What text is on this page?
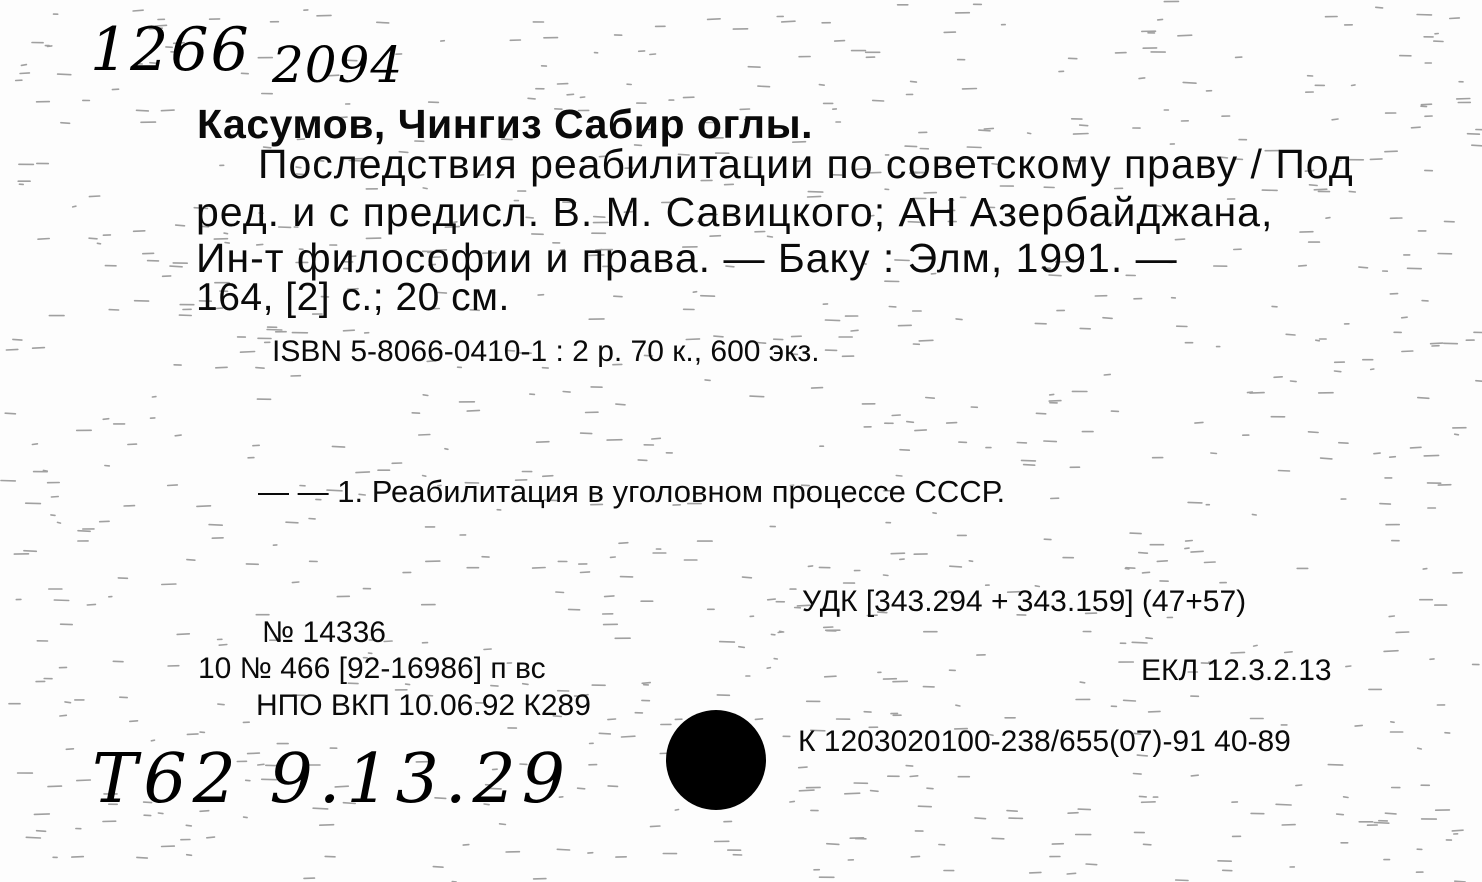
1266 2094
Касумов, Чингиз Сабир оглы.
Последствия реабилитации по советскому праву / Под
ред. и с предисл. В. М. Савицкого; АН Азербайджана,
Ин-т философии и права. — Баку : Элм, 1991. —
164, [2] с.; 20 см.
ISBN 5-8066-0410-1 : 2 р. 70 к., 600 экз.
— — 1. Реабилитация в уголовном процессе СССР.
УДК [343.294 + 343.159] (47+57)
№ 14336
10 № 466 [92-16986] п вс	ЕКЛ 12.3.2.13
НПО ВКП 10.06.92 К289
К 1203020100-238/655(07)-91 40-89
Т62 9.13.29
